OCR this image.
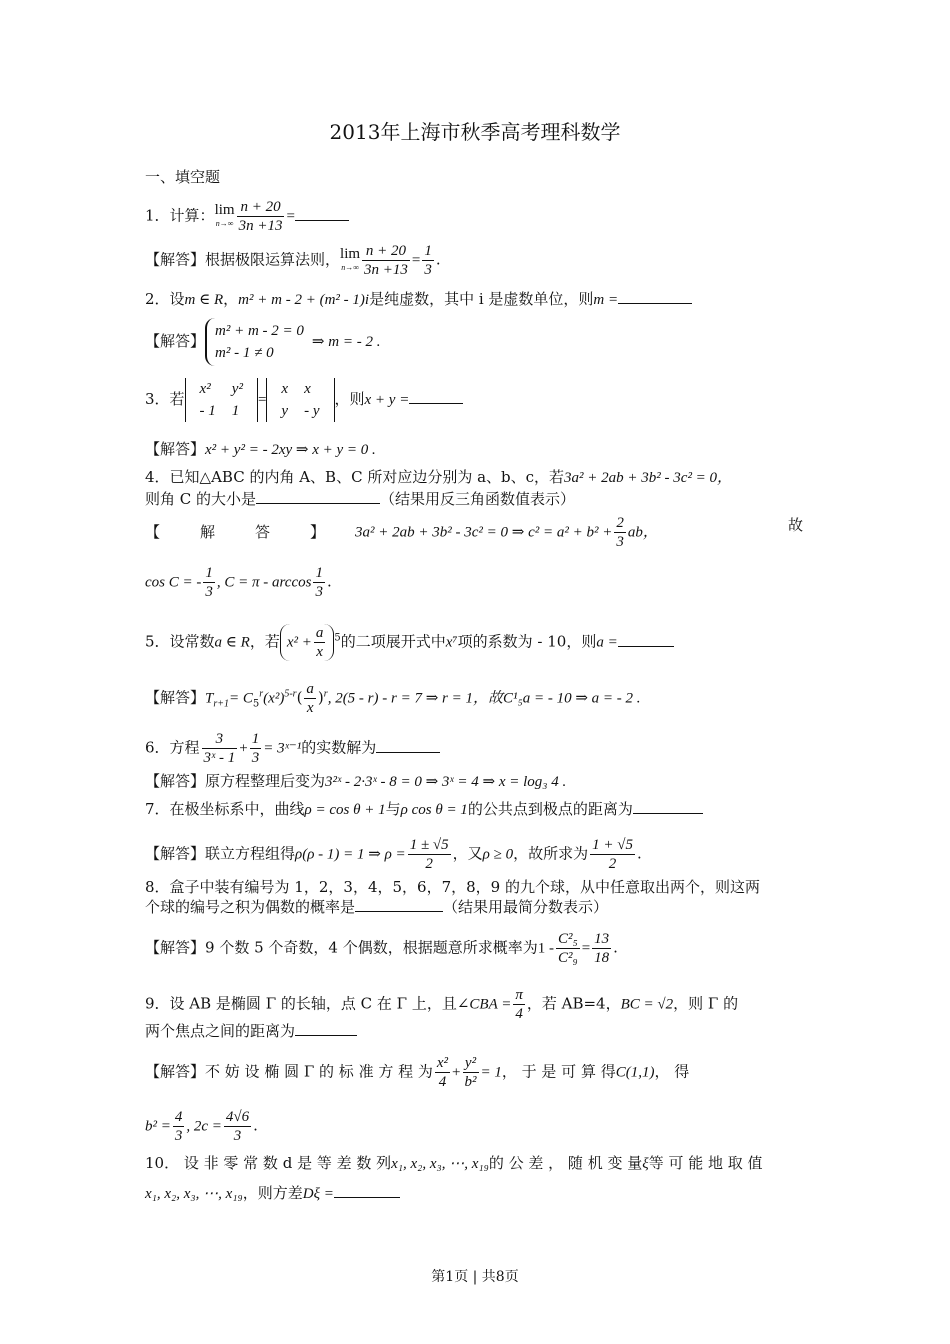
2013年上海市秋季高考理科数学
一、填空题
1．计算：lim
$n\to\infty \frac{n + 20}{3n +13}$ =
【解答】根据极限运算法则，lim
$n\to\infty \frac{n + 20}{3n +13} = \frac{1}{3}$ .
2．设m ∈ R，m² + m - 2 + (m² - 1)i是纯虚数，其中 i 是虚数单位，则m =
【解答】
m² + m - 2 = 0
m² - 1 ≠ 0
⇒ m = - 2 .
3．若
x²	y²
- 1	1
=
x	x
y	- y
，则x + y =
【解答】x² + y² = - 2xy ⇒ x + y = 0 .
4．已知△ABC 的内角 A、B、C 所对应边分别为 a、b、c，若3a² + 2ab + 3b² - 3c² = 0，
则角 C 的大小是	（结果用反三角函数值表示）
【	解	答	】 3a² + 2ab + 3b² - 3c² = 0 ⇒ $c^2 = a^2 + b^2 + \frac{2}{3}$ ab，	故
cos C = - $\frac{1}{3}$ , $C = \pi - \arccos \frac{1}{3}$ .
5．设常数a ∈ R，若 $x^2 + \frac{a}{x} ^5$的二项展开式中x⁷项的系数为 - 10，则a =
【解答】$T_{r+1}= C_5^r(x^2)^{5-r}( \frac{a}{x} )^r$, 2(5 - r) - r = 7 ⇒ r = 1，故C¹₅a = - 10 ⇒ a = - 2 .
6．方程 $\frac{3}{\text{3ˣ - 1}} + \frac{1}{3}$ = 3ˣ⁻¹的实数解为
【解答】原方程整理后变为3²ˣ - 2·3ˣ - 8 = 0 ⇒ 3ˣ = 4 ⇒ x = log₃ 4 .
7．在极坐标系中，曲线ρ = cos θ + 1与ρ cos θ = 1的公共点到极点的距离为
【解答】联立方程组得ρ(ρ - 1) = 1 ⇒ $\rho = \frac{1 \pm √5}{2}$ ，又ρ ≥ 0，故所求为 $\frac{1 + √5}{2}$ .
8．盒子中装有编号为 1，2，3，4，5，6，7，8，9 的九个球，从中任意取出两个，则这两
个球的编号之积为偶数的概率是	（结果用最简分数表示）
【解答】9 个数 5 个奇数，4 个偶数，根据题意所求概率为$1 - \frac{\text{C²₅}}{\text{C²₉}} = \frac{13}{18}$ .
9．设 AB 是椭圆 Γ 的长轴，点 C 在 Γ 上，且∠CBA = $\frac{\pi}{4}$ ，若 AB=4，BC = √2，则 Γ 的
两个焦点之间的距离为
【解答】不 妨 设 椭 圆 Γ 的 标 准 方 程 为 $\frac{\text{x²}}{4} + \frac{\text{y²}}{\text{b²}} = 1$， 于 是 可 算 得C(1,1)， 得
$b^2 = \frac{4}{3}$ , $2c = \frac{4√6}{3}$ .
10． 设 非 零 常 数 d 是 等 差 数 列x₁, x₂, x₃, ⋯, x₁₉的 公 差 ， 随 机 变 量ξ等 可 能 地 取 值
x₁, x₂, x₃, ⋯, x₁₉，则方差Dξ =
第1页 | 共8页
